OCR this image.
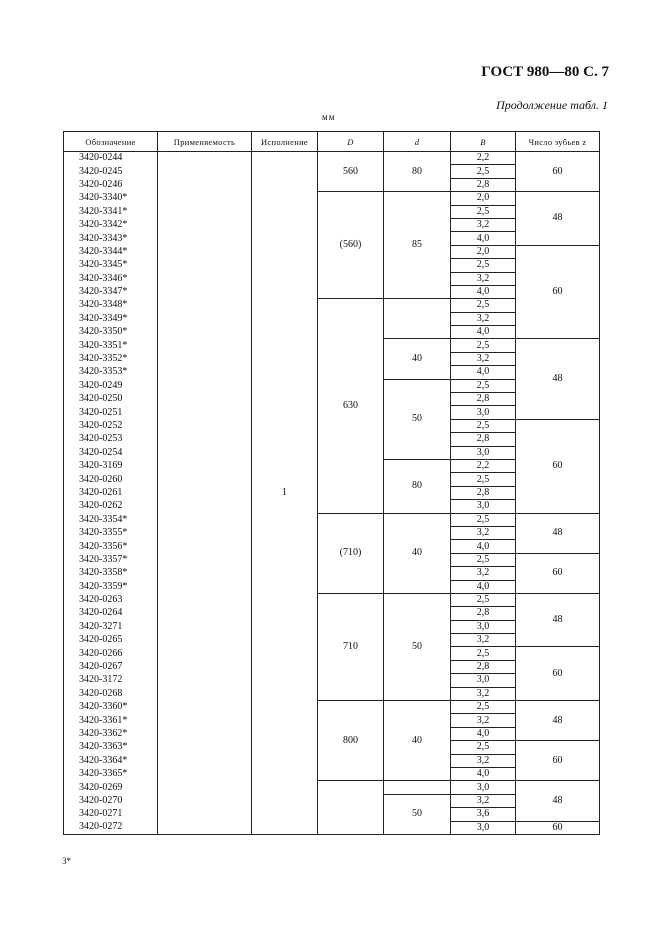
ГОСТ 980—80 С. 7
Продолжение табл. 1
мм
Обозначение	Применяемость	Исполнение	D	d	B	Число зубьев z
3420-0244		1	560	80	2,2	60
3420-0245					2,5	
3420-0246					2,8	
3420-3340*			(560)	85	2,0	48
3420-3341*					2,5	
3420-3342*					3,2	
3420-3343*					4,0	
3420-3344*					2,0	60
3420-3345*					2,5	
3420-3346*					3,2	
3420-3347*					4,0	
3420-3348*			630		2,5	
3420-3349*					3,2	
3420-3350*					4,0	
3420-3351*				40	2,5	48
3420-3352*					3,2	
3420-3353*					4,0	
3420-0249				50	2,5	
3420-0250					2,8	
3420-0251					3,0	
3420-0252					2,5	60
3420-0253					2,8	
3420-0254					3,0	
3420-3169				80	2,2	
3420-0260					2,5	
3420-0261					2,8	
3420-0262					3,0	
3420-3354*			(710)	40	2,5	48
3420-3355*					3,2	
3420-3356*					4,0	
3420-3357*					2,5	60
3420-3358*					3,2	
3420-3359*					4,0	
3420-0263			710	50	2,5	48
3420-0264					2,8	
3420-3271					3,0	
3420-0265					3,2	
3420-0266					2,5	60
3420-0267					2,8	
3420-3172					3,0	
3420-0268					3,2	
3420-3360*			800	40	2,5	48
3420-3361*					3,2	
3420-3362*					4,0	
3420-3363*					2,5	60
3420-3364*					3,2	
3420-3365*					4,0	
3420-0269					3,0	48
3420-0270				50	3,2	
3420-0271					3,6	
3420-0272					3,0	60
3*
